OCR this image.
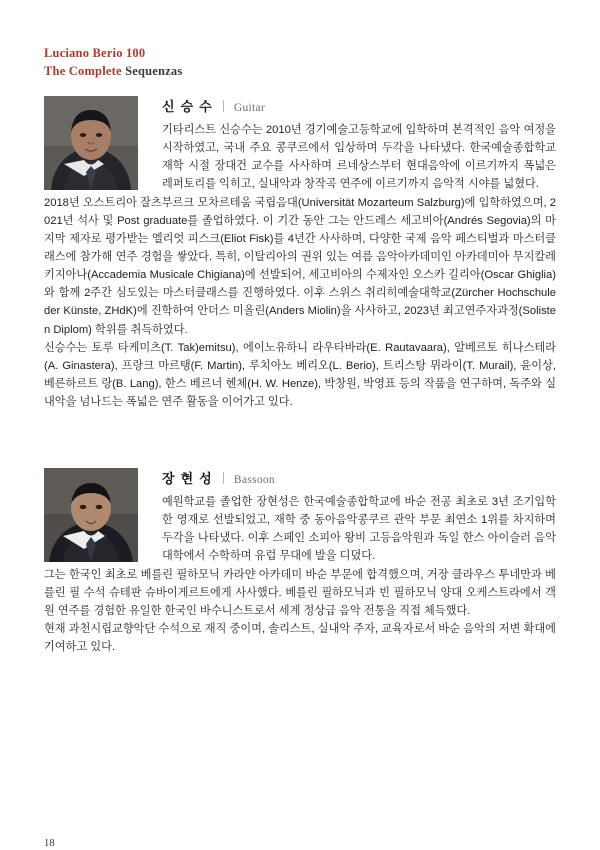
Luciano Berio 100
The Complete Sequenzas
신 승 수 Guitar

기타리스트 신승수는 2010년 경기예술고등학교에 입학하며 본격적인 음악 여정을 시작하였고, 국내 주요 콩쿠르에서 입상하며 두각을 나타냈다. 한국예술종합학교 재학 시절 장대건 교수를 사사하며 르네상스부터 현대음악에 이르기까지 폭넓은 레퍼토리를 익히고, 실내악과 창작곡 연주에 이르기까지 음악적 시야를 넓혔다.

2018년 오스트리아 잘츠부르크 모차르테움 국립음대(Universität Mozarteum Salzburg)에 입학하였으며, 2021년 석사 및 Post graduate를 졸업하였다. 이 기간 동안 그는 안드레스 세고비아(Andrés Segovia)의 마지막 제자로 평가받는 엘리엇 피스크(Eliot Fisk)를 4년간 사사하며, 다양한 국제 음악 페스티벌과 마스터클래스에 참가해 연주 경험을 쌓았다. 특히, 이탈리아의 권위 있는 여름 음악아카데미인 아카데미아 무지칼레 키지아나(Accademia Musicale Chigiana)에 선발되어, 세고비아의 수제자인 오스카 길리아(Oscar Ghiglia)와 함께 2주간 심도있는 마스터클래스를 진행하였다. 이후 스위스 취리히예술대학교(Zürcher Hochschule der Künste, ZHdK)에 진학하여 안더스 미올린(Anders Miolin)을 사사하고, 2023년 최고연주자과정(Solisten Diplom) 학위를 취득하였다.

신승수는 토루 타케미츠(T. Tak)emitsu), 에이노유하니 라우타바라(E. Rautavaara), 알베르토 히나스테라(A. Ginastera), 프랑크 마르탱(F. Martin), 루치아노 베리오(L. Berio), 트리스탕 뮈라이(T. Murail), 윤이상, 베른하르트 랑(B. Lang), 한스 베르너 헨체(H. W. Henze), 박창원, 박영표 등의 작품을 연구하며, 독주와 실내악을 넘나드는 폭넓은 연주 활동을 이어가고 있다.

장 현 성 Bassoon

예원학교를 졸업한 장현성은 한국예술종합학교에 바순 전공 최초로 3년 조기입학한 영재로 선발되었고, 재학 중 동아음악콩쿠르 관악 부문 최연소 1위를 차지하며 두각을 나타냈다. 이후 스페인 소피아 왕비 고등음악원과 독일 한스 아이슬러 음악대학에서 수학하며 유럽 무대에 발을 디뎠다.

그는 한국인 최초로 베를린 필하모닉 카라얀 아카데미 바순 부문에 합격했으며, 거장 클라우스 투네만과 베를린 필 수석 슈테판 슈바이게르트에게 사사했다. 베를린 필하모닉과 빈 필하모닉 양대 오케스트라에서 객원 연주를 경험한 유일한 한국인 바수니스트로서 세계 정상급 음악 전통을 직접 체득했다.

현재 과천시립교향악단 수석으로 재직 중이며, 솔리스트, 실내악 주자, 교육자로서 바순 음악의 저변 확대에 기여하고 있다.

18
